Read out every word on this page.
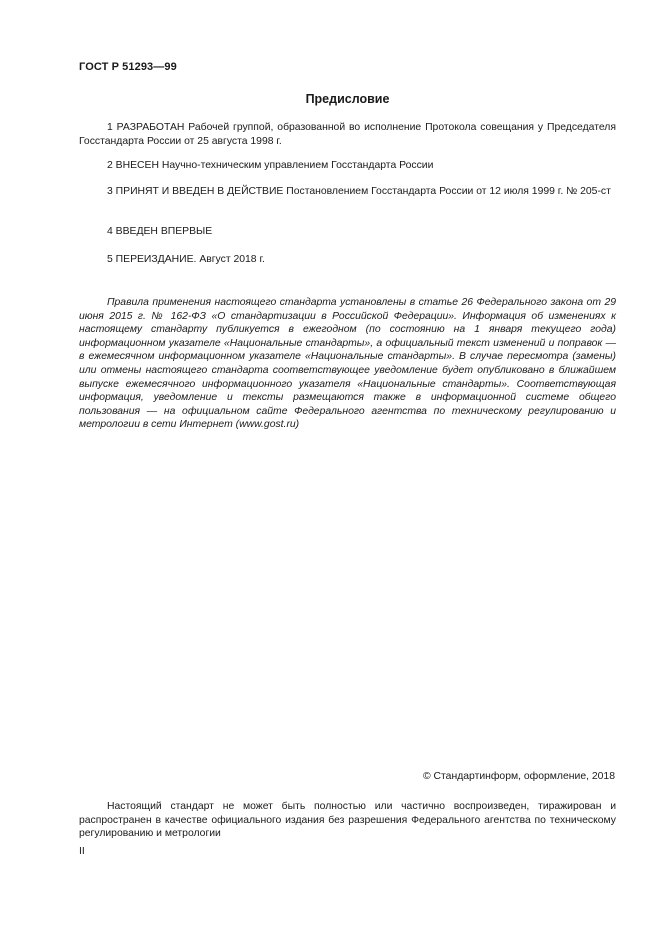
ГОСТ Р 51293—99
Предисловие

1 РАЗРАБОТАН Рабочей группой, образованной во исполнение Протокола совещания у Председателя Госстандарта России от 25 августа 1998 г.

2 ВНЕСЕН Научно-техническим управлением Госстандарта России

3 ПРИНЯТ И ВВЕДЕН В ДЕЙСТВИЕ Постановлением Госстандарта России от 12 июля 1999 г. № 205-ст

4 ВВЕДЕН ВПЕРВЫЕ

5 ПЕРЕИЗДАНИЕ. Август 2018 г.

Правила применения настоящего стандарта установлены в статье 26 Федерального закона от 29 июня 2015 г. № 162-ФЗ «О стандартизации в Российской Федерации». Информация об изменениях к настоящему стандарту публикуется в ежегодном (по состоянию на 1 января текущего года) информационном указателе «Национальные стандарты», а официальный текст изменений и поправок — в ежемесячном информационном указателе «Национальные стандарты». В случае пересмотра (замены) или отмены настоящего стандарта соответствующее уведомление будет опубликовано в ближайшем выпуске ежемесячного информационного указателя «Национальные стандарты». Соответствующая информация, уведомление и тексты размещаются также в информационной системе общего пользования — на официальном сайте Федерального агентства по техническому регулированию и метрологии в сети Интернет (www.gost.ru)

© Стандартинформ, оформление, 2018

Настоящий стандарт не может быть полностью или частично воспроизведен, тиражирован и распространен в качестве официального издания без разрешения Федерального агентства по техническому регулированию и метрологии

II
